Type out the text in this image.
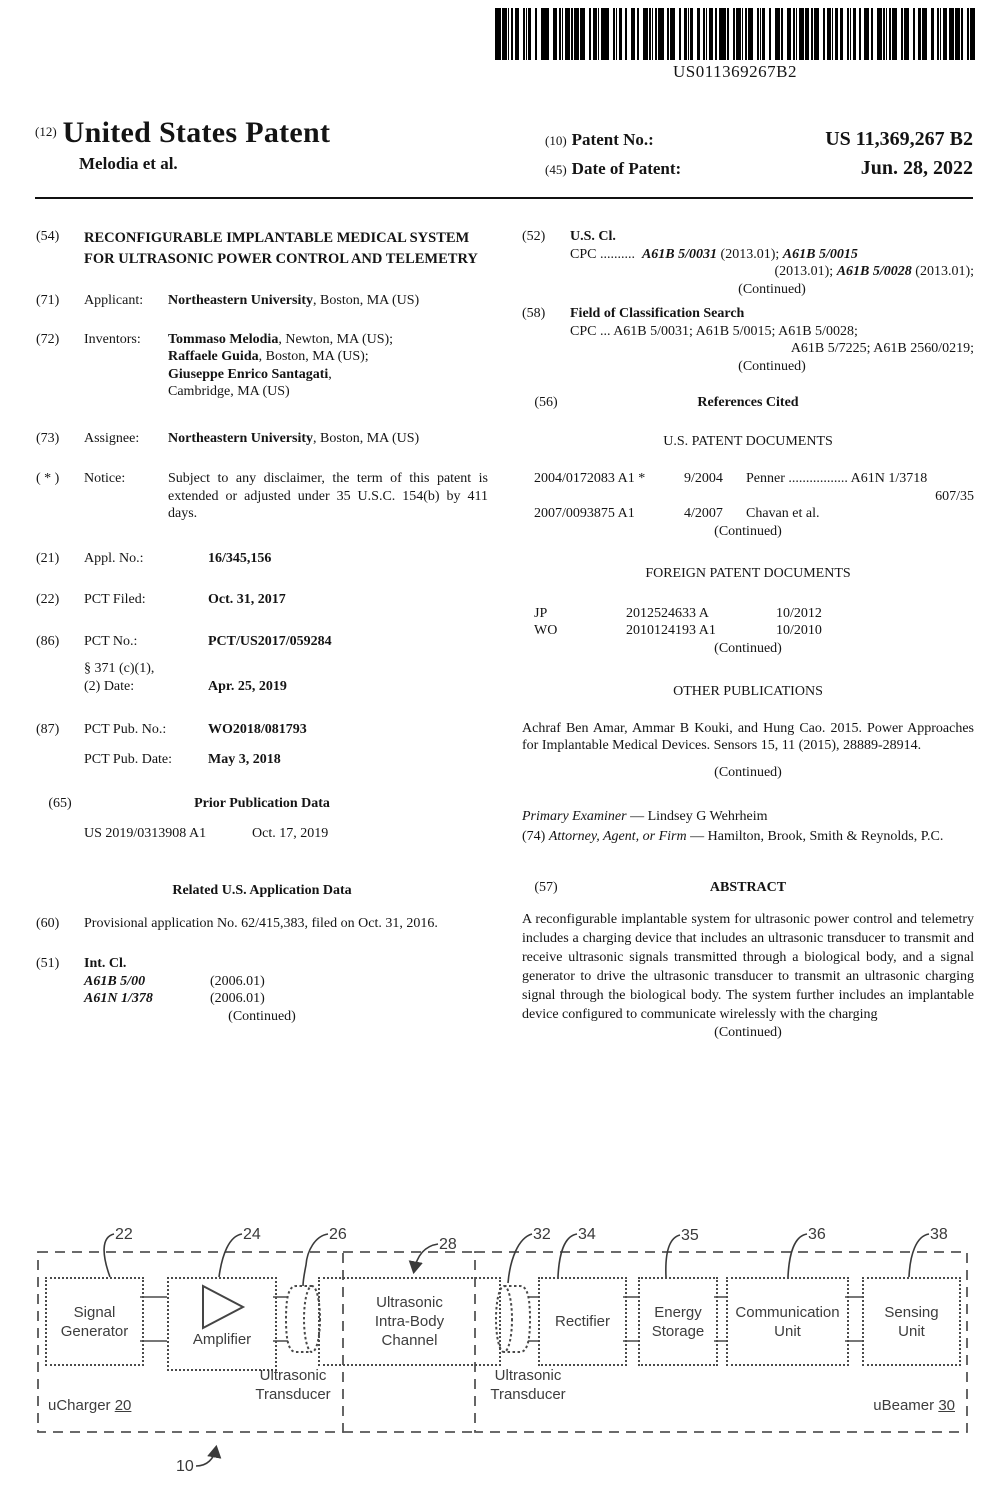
US011369267B2
$^{(12)}$ United States Patent
Melodia et al.
(10) Patent No.:	US 11,369,267 B2
(45) Date of Patent:	Jun. 28, 2022
(54)	RECONFIGURABLE IMPLANTABLE MEDICAL SYSTEM FOR ULTRASONIC POWER CONTROL AND TELEMETRY
(71)	Applicant:	Northeastern University, Boston, MA (US)
(72)	Inventors:	Tommaso Melodia, Newton, MA (US);
Raffaele Guida, Boston, MA (US);
Giuseppe Enrico Santagati,
Cambridge, MA (US)
(73)	Assignee:	Northeastern University, Boston, MA (US)
( * )	Notice:	Subject to any disclaimer, the term of this patent is extended or adjusted under 35 U.S.C. 154(b) by 411 days.
(21)	Appl. No.:	16/345,156
(22)	PCT Filed:	Oct. 31, 2017
(86)	PCT No.:	PCT/US2017/059284
§ 371 (c)(1),
(2) Date:	Apr. 25, 2019
(87)	PCT Pub. No.:	WO2018/081793
PCT Pub. Date:	May 3, 2018
(65)	Prior Publication Data
US 2019/0313908 A1	Oct. 17, 2019
Related U.S. Application Data
(60)	Provisional application No. 62/415,383, filed on Oct. 31, 2016.
(51)	Int. Cl.
A61B 5/00	(2006.01)
A61N 1/378	(2006.01)
(Continued)
(52)	U.S. Cl.
CPC .......... A61B 5/0031 (2013.01); A61B 5/0015
(2013.01); A61B 5/0028 (2013.01);
(Continued)
(58)	Field of Classification Search
CPC ... A61B 5/0031; A61B 5/0015; A61B 5/0028;
A61B 5/7225; A61B 2560/0219;
(Continued)
(56)	References Cited
U.S. PATENT DOCUMENTS
2004/0172083 A1 *	9/2004	Penner ................. A61N 1/3718
607/35
2007/0093875 A1	4/2007	Chavan et al.
(Continued)
FOREIGN PATENT DOCUMENTS
JP	2012524633 A	10/2012
WO	2010124193 A1	10/2010
(Continued)
OTHER PUBLICATIONS
Achraf Ben Amar, Ammar B Kouki, and Hung Cao. 2015. Power Approaches for Implantable Medical Devices. Sensors 15, 11 (2015), 28889-28914.
(Continued)
Primary Examiner — Lindsey G Wehrheim
(74) Attorney, Agent, or Firm — Hamilton, Brook, Smith & Reynolds, P.C.
(57)	ABSTRACT
A reconfigurable implantable system for ultrasonic power control and telemetry includes a charging device that includes an ultrasonic transducer to transmit and receive ultrasonic signals transmitted through a biological body, and a signal generator to drive the ultrasonic transducer to transmit an ultrasonic charging signal through the biological body. The system further includes an implantable device configured to communicate wirelessly with the charging
(Continued)
Signal
Generator	Amplifier
Ultrasonic
Intra-Body
Channel
Rectifier
Energy
Storage
Communication
Unit
Sensing
Unit
Ultrasonic
Transducer
Ultrasonic
Transducer
uCharger 20	uBeamer 30
22	24	26
28
32 34	35	36	38
10
